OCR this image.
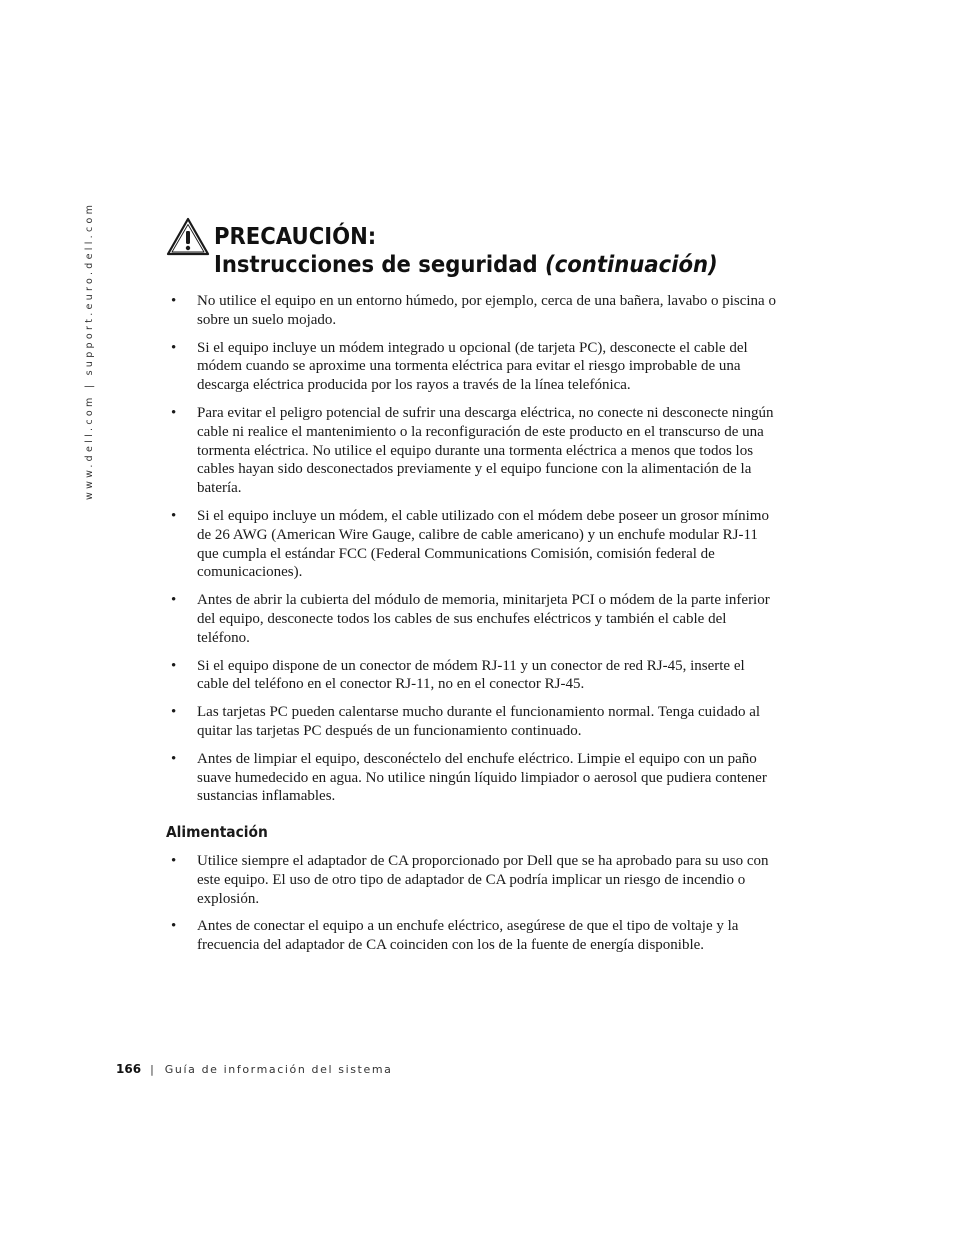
www.dell.com | support.euro.dell.com	PRECAUCIÓN:
Instrucciones de seguridad (continuación)
• No utilice el equipo en un entorno húmedo, por ejemplo, cerca de una bañera, lavabo o piscina o sobre un suelo mojado.
• Si el equipo incluye un módem integrado u opcional (de tarjeta PC), desconecte el cable del módem cuando se aproxime una tormenta eléctrica para evitar el riesgo improbable de una descarga eléctrica producida por los rayos a través de la línea telefónica.
• Para evitar el peligro potencial de sufrir una descarga eléctrica, no conecte ni desconecte ningún cable ni realice el mantenimiento o la reconfiguración de este producto en el transcurso de una tormenta eléctrica. No utilice el equipo durante una tormenta eléctrica a menos que todos los cables hayan sido desconectados previamente y el equipo funcione con la alimentación de la batería.
• Si el equipo incluye un módem, el cable utilizado con el módem debe poseer un grosor mínimo de 26 AWG (American Wire Gauge, calibre de cable americano) y un enchufe modular RJ-11 que cumpla el estándar FCC (Federal Communications Comisión, comisión federal de comunicaciones).
• Antes de abrir la cubierta del módulo de memoria, minitarjeta PCI o módem de la parte inferior del equipo, desconecte todos los cables de sus enchufes eléctricos y también el cable del teléfono.
• Si el equipo dispone de un conector de módem RJ-11 y un conector de red RJ-45, inserte el cable del teléfono en el conector RJ-11, no en el conector RJ-45.
• Las tarjetas PC pueden calentarse mucho durante el funcionamiento normal. Tenga cuidado al quitar las tarjetas PC después de un funcionamiento continuado.
• Antes de limpiar el equipo, desconéctelo del enchufe eléctrico. Limpie el equipo con un paño suave humedecido en agua. No utilice ningún líquido limpiador o aerosol que pudiera contener sustancias inflamables.
Alimentación
• Utilice siempre el adaptador de CA proporcionado por Dell que se ha aprobado para su uso con este equipo. El uso de otro tipo de adaptador de CA podría implicar un riesgo de incendio o explosión.
• Antes de conectar el equipo a un enchufe eléctrico, asegúrese de que el tipo de voltaje y la frecuencia del adaptador de CA coinciden con los de la fuente de energía disponible.
166 | Guía de información del sistema
